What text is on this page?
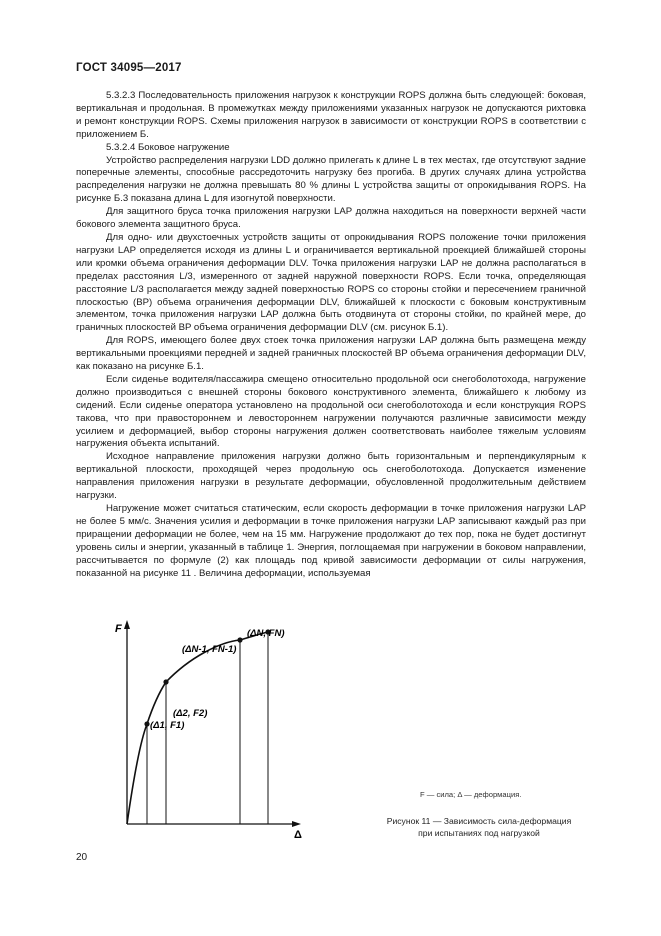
ГОСТ 34095—2017

5.3.2.3 Последовательность приложения нагрузок к конструкции ROPS должна быть следующей: боковая, вертикальная и продольная. В промежутках между приложениями указанных нагрузок не допускаются рихтовка и ремонт конструкции ROPS. Схемы приложения нагрузок в зависимости от конструкции ROPS в соответствии с приложением Б.

5.3.2.4 Боковое нагружение

Устройство распределения нагрузки LDD должно прилегать к длине L в тех местах, где отсутствуют задние поперечные элементы, способные рассредоточить нагрузку без прогиба. В других случаях длина устройства распределения нагрузки не должна превышать 80 % длины L устройства защиты от опрокидывания ROPS. На рисунке Б.3 показана длина L для изогнутой поверхности.

Для защитного бруса точка приложения нагрузки LAP должна находиться на поверхности верхней части бокового элемента защитного бруса.

Для одно- или двухстоечных устройств защиты от опрокидывания ROPS положение точки приложения нагрузки LAP определяется исходя из длины L и ограничивается вертикальной проекцией ближайшей стороны или кромки объема ограничения деформации DLV. Точка приложения нагрузки LAP не должна располагаться в пределах расстояния L/3, измеренного от задней наружной поверхности ROPS. Если точка, определяющая расстояние L/3 располагается между задней поверхностью ROPS со стороны стойки и пересечением граничной плоскостью (BP) объема ограничения деформации DLV, ближайшей к плоскости с боковым конструктивным элементом, точка приложения нагрузки LAP должна быть отодвинута от стороны стойки, по крайней мере, до граничных плоскостей BP объема ограничения деформации DLV (см. рисунок Б.1).

Для ROPS, имеющего более двух стоек точка приложения нагрузки LAP должна быть размещена между вертикальными проекциями передней и задней граничных плоскостей BP объема ограничения деформации DLV, как показано на рисунке Б.1.

Если сиденье водителя/пассажира смещено относительно продольной оси снегоболотохода, нагружение должно производиться с внешней стороны бокового конструктивного элемента, ближайшего к любому из сидений. Если сиденье оператора установлено на продольной оси снегоболотохода и если конструкция ROPS такова, что при правостороннем и левостороннем нагружении получаются различные зависимости между усилием и деформацией, выбор стороны нагружения должен соответствовать наиболее тяжелым условиям нагружения объекта испытаний.

Исходное направление приложения нагрузки должно быть горизонтальным и перпендикулярным к вертикальной плоскости, проходящей через продольную ось снегоболотохода. Допускается изменение направления приложения нагрузки в результате деформации, обусловленной продолжительным действием нагрузки.

Нагружение может считаться статическим, если скорость деформации в точке приложения нагрузки LAP не более 5 мм/с. Значения усилия и деформации в точке приложения нагрузки LAP записывают каждый раз при приращении деформации не более, чем на 15 мм. Нагружение продолжают до тех пор, пока не будет достигнут уровень силы и энергии, указанный в таблице 1. Энергия, поглощаемая при нагружении в боковом направлении, рассчитывается по формуле (2) как площадь под кривой зависимости деформации от силы нагружения, показанной на рисунке 11 . Величина деформации, используемая

F
Δ
(Δ1, F1)
(Δ2, F2)
(ΔN-1, FN-1)
(ΔN, FN)
F — сила; Δ — деформация.
Рисунок 11 — Зависимость сила-деформация
при испытаниях под нагрузкой
20
